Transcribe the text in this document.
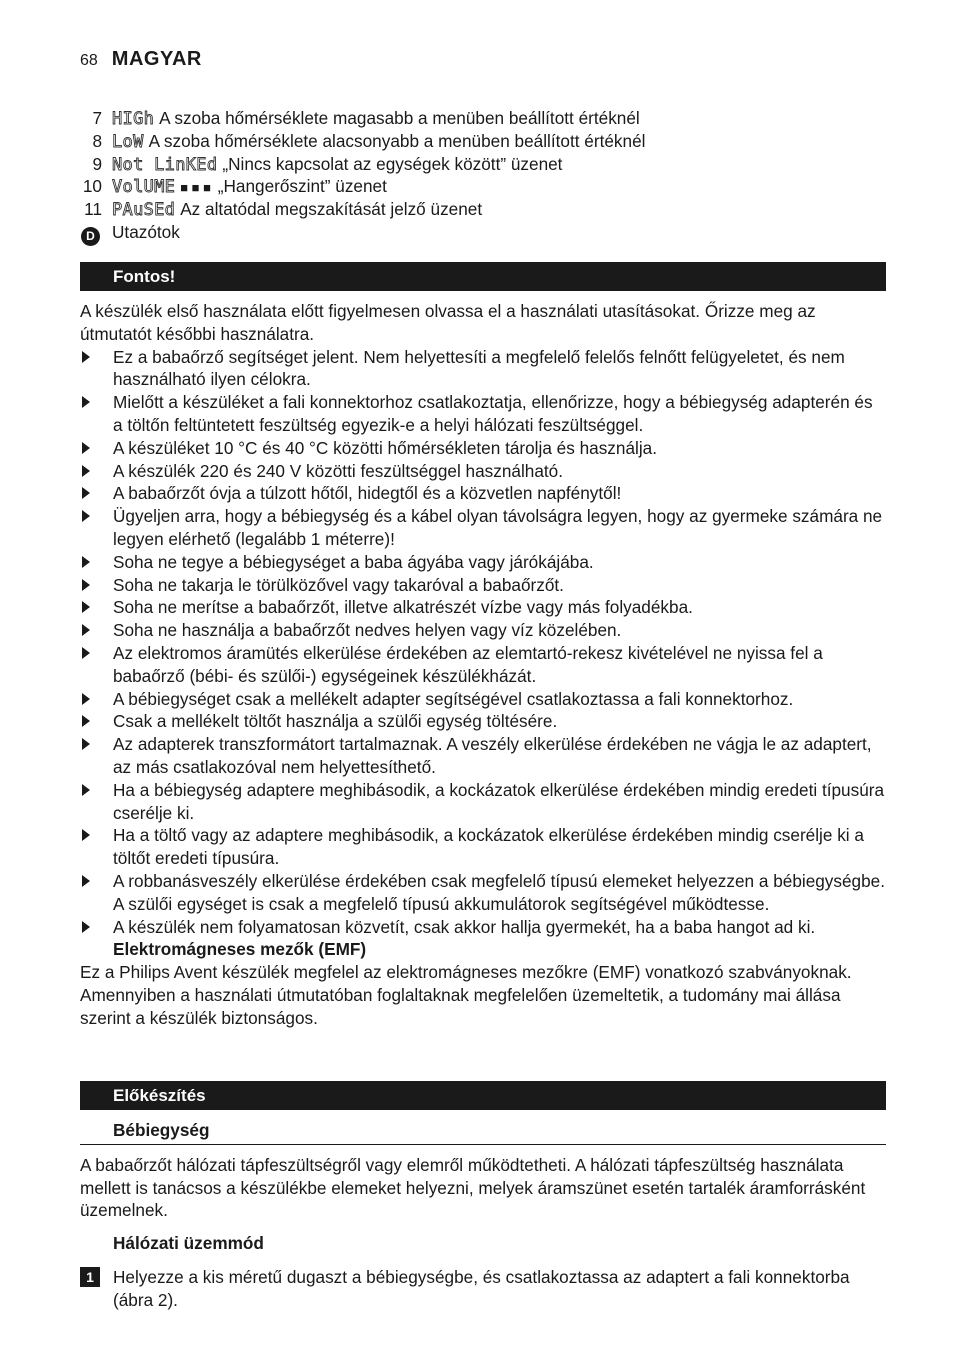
68 MAGYAR
7 HIGh A szoba hőmérséklete magasabb a menüben beállított értéknél
8 LoW A szoba hőmérséklete alacsonyabb a menüben beállított értéknél
9 Not LinKEd „Nincs kapcsolat az egységek között” üzenet
10 VolUME ■ ■ ■
„Hangerőszint” üzenet
11 PAuSEd Az altatódal megszakítását jelző üzenet
D Utazótok
Fontos!

A készülék első használata előtt figyelmesen olvassa el a használati utasításokat. Őrizze meg az útmutatót későbbi használatra.

Ez a babaőrző segítséget jelent. Nem helyettesíti a megfelelő felelős felnőtt felügyeletet, és nem használható ilyen célokra.
Mielőtt a készüléket a fali konnektorhoz csatlakoztatja, ellenőrizze, hogy a bébiegység adapterén és a töltőn feltüntetett feszültség egyezik-e a helyi hálózati feszültséggel.
A készüléket 10 °C és 40 °C közötti hőmérsékleten tárolja és használja.
A készülék 220 és 240 V közötti feszültséggel használható.
A babaőrzőt óvja a túlzott hőtől, hidegtől és a közvetlen napfénytől!
Ügyeljen arra, hogy a bébiegység és a kábel olyan távolságra legyen, hogy az gyermeke számára ne legyen elérhető (legalább 1 méterre)!
Soha ne tegye a bébiegységet a baba ágyába vagy járókájába.
Soha ne takarja le törülközővel vagy takaróval a babaőrzőt.
Soha ne merítse a babaőrzőt, illetve alkatrészét vízbe vagy más folyadékba.
Soha ne használja a babaőrzőt nedves helyen vagy víz közelében.
Az elektromos áramütés elkerülése érdekében az elemtartó-rekesz kivételével ne nyissa fel a babaőrző (bébi- és szülői-) egységeinek készülékházát.
A bébiegységet csak a mellékelt adapter segítségével csatlakoztassa a fali konnektorhoz.
Csak a mellékelt töltőt használja a szülői egység töltésére.
Az adapterek transzformátort tartalmaznak. A veszély elkerülése érdekében ne vágja le az adaptert, az más csatlakozóval nem helyettesíthető.
Ha a bébiegység adaptere meghibásodik, a kockázatok elkerülése érdekében mindig eredeti típusúra cserélje ki.
Ha a töltő vagy az adaptere meghibásodik, a kockázatok elkerülése érdekében mindig cserélje ki a töltőt eredeti típusúra.
A robbanásveszély elkerülése érdekében csak megfelelő típusú elemeket helyezzen a bébiegységbe. A szülői egységet is csak a megfelelő típusú akkumulátorok segítségével működtesse.
A készülék nem folyamatosan közvetít, csak akkor hallja gyermekét, ha a baba hangot ad ki.
Elektromágneses mezők (EMF)

Ez a Philips Avent készülék megfelel az elektromágneses mezőkre (EMF) vonatkozó szabványoknak. Amennyiben a használati útmutatóban foglaltaknak megfelelően üzemeltetik, a tudomány mai állása szerint a készülék biztonságos.

Előkészítés
Bébiegység

A babaőrzőt hálózati tápfeszültségről vagy elemről működtetheti. A hálózati tápfeszültség használata mellett is tanácsos a készülékbe elemeket helyezni, melyek áramszünet esetén tartalék áramforrásként üzemelnek.

Hálózati üzemmód
1	Helyezze a kis méretű dugaszt a bébiegységbe, és csatlakoztassa az adaptert a fali konnektorba (ábra 2).
